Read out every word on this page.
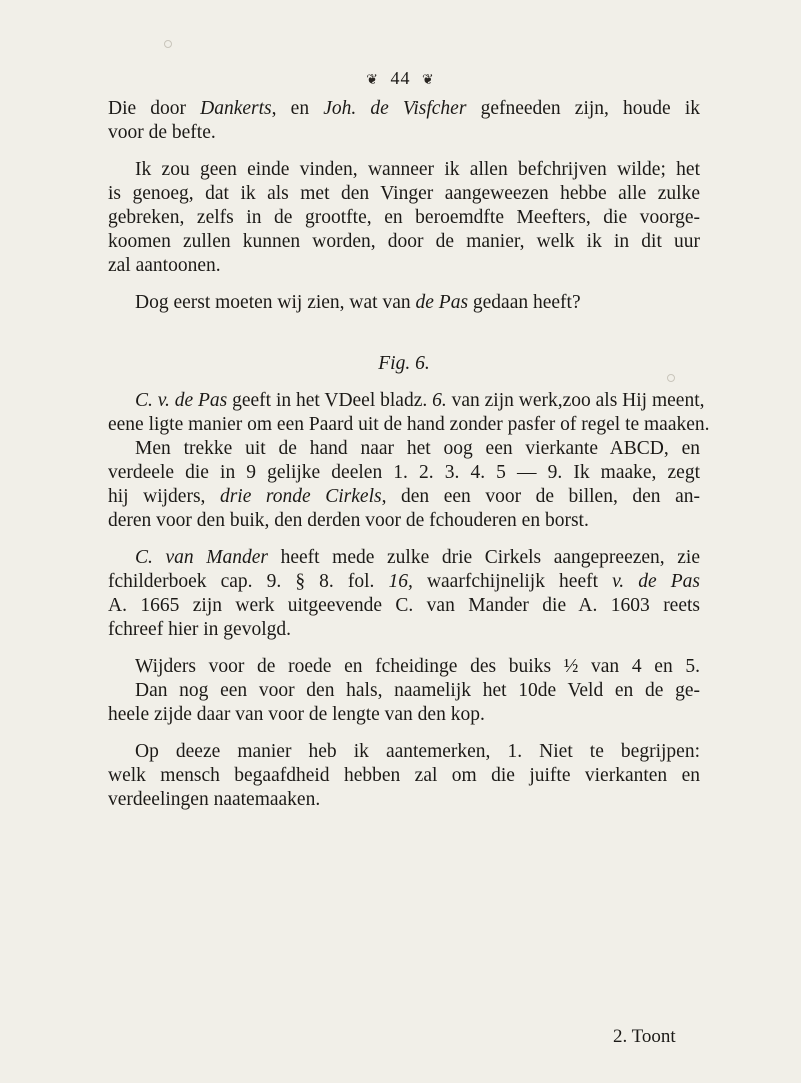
❦ 44 ❦
Die door Dankerts, en Joh. de Visfcher gefneeden zijn, houde ik
voor de befte.
Ik zou geen einde vinden, wanneer ik allen befchrijven wilde; het
is genoeg, dat ik als met den Vinger aangeweezen hebbe alle zulke
gebreken, zelfs in de grootfte, en beroemdfte Meefters, die voorge-
koomen zullen kunnen worden, door de manier, welk ik in dit uur
zal aantoonen.
Dog eerst moeten wij zien, wat van de Pas gedaan heeft?
Fig. 6.
C. v. de Pas geeft in het VDeel bladz. 6. van zijn werk,zoo als Hij meent,
eene ligte manier om een Paard uit de hand zonder pasfer of regel te maaken.
Men trekke uit de hand naar het oog een vierkante ABCD, en
verdeele die in 9 gelijke deelen 1. 2. 3. 4. 5 — 9. Ik maake, zegt
hij wijders, drie ronde Cirkels, den een voor de billen, den an-
deren voor den buik, den derden voor de fchouderen en borst.
C. van Mander heeft mede zulke drie Cirkels aangepreezen, zie
fchilderboek cap. 9. § 8. fol. 16, waarfchijnelijk heeft v. de Pas
A. 1665 zijn werk uitgeevende C. van Mander die A. 1603 reets
fchreef hier in gevolgd.
Wijders voor de roede en fcheidinge des buiks ½ van 4 en 5.
Dan nog een voor den hals, naamelijk het 10de Veld en de ge-
heele zijde daar van voor de lengte van den kop.
Op deeze manier heb ik aantemerken, 1. Niet te begrijpen:
welk mensch begaafdheid hebben zal om die juifte vierkanten en
verdeelingen naatemaaken.
2. Toont
